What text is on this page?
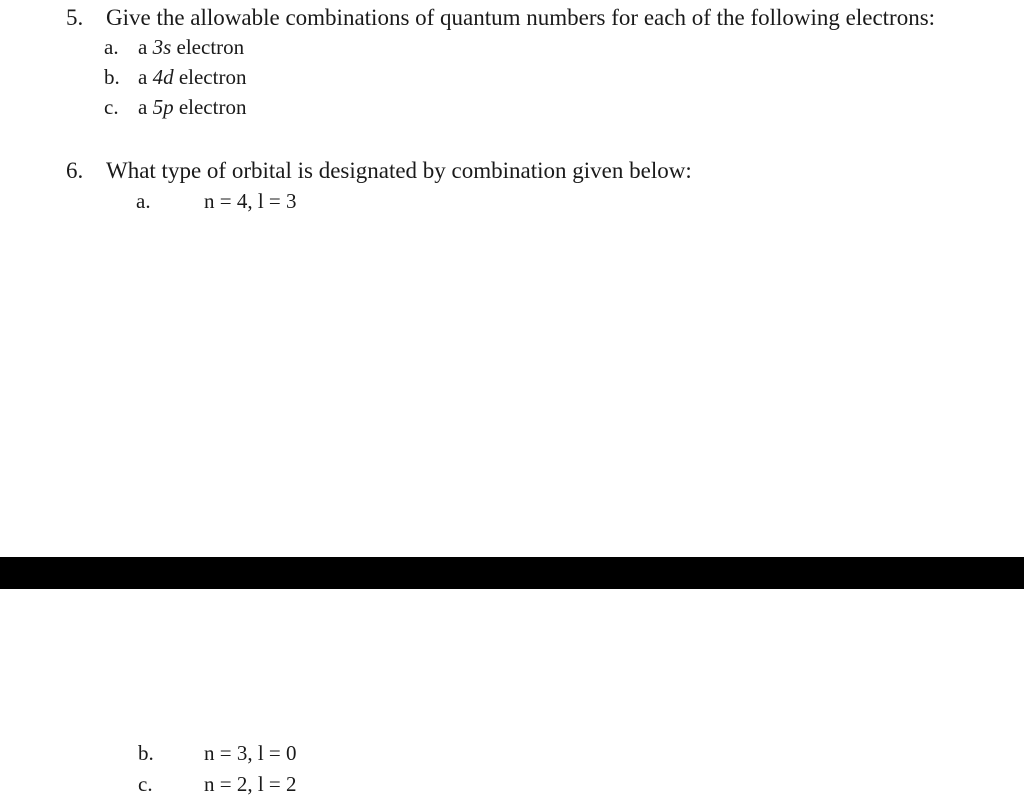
5. Give the allowable combinations of quantum numbers for each of the following electrons:
a. a 3s electron
b. a 4d electron
c. a 5p electron
6. What type of orbital is designated by combination given below:
a.	n = 4, l = 3
b. n = 3, l = 0
c. n = 2, l = 2
